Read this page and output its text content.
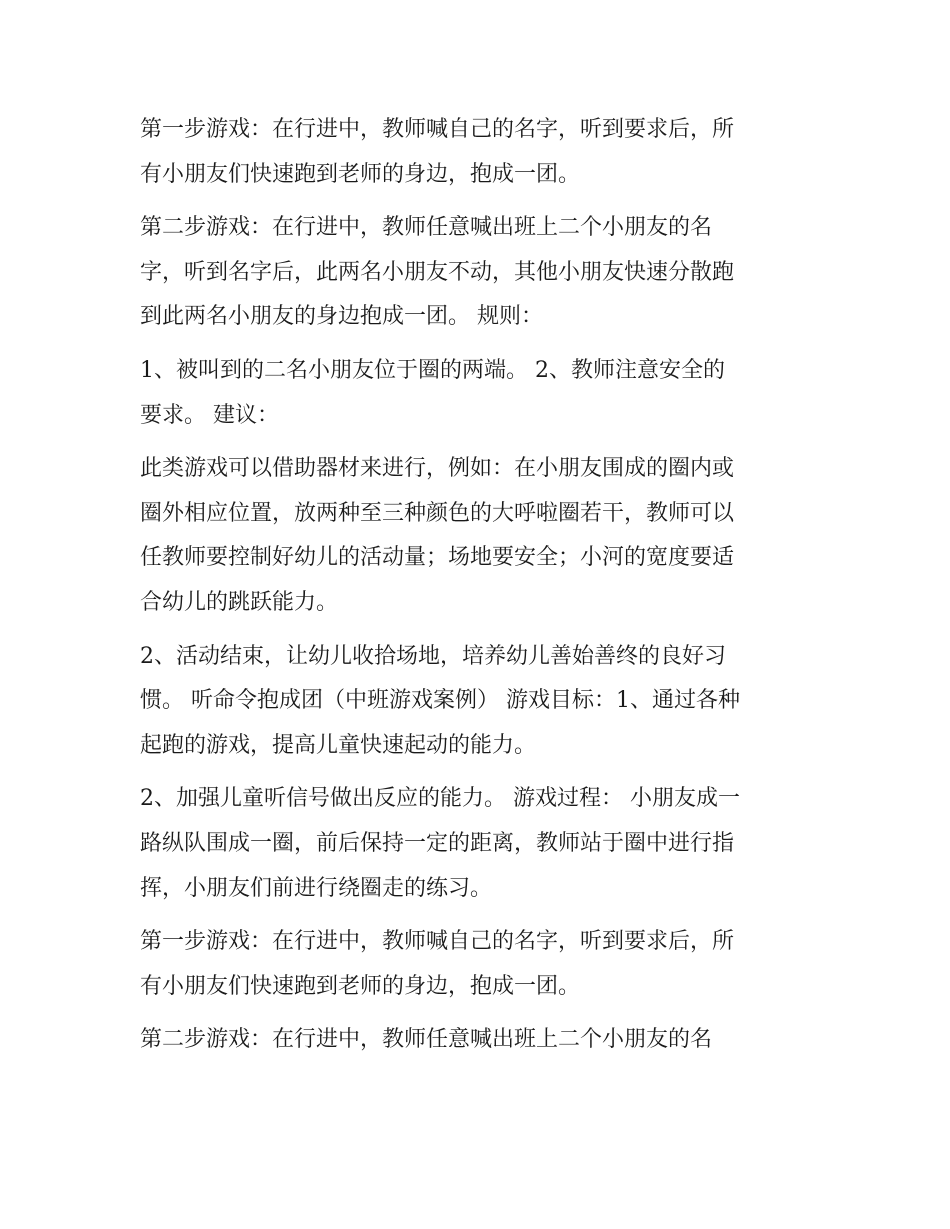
第一步游戏：在行进中，教师喊自己的名字，听到要求后，所
有小朋友们快速跑到老师的身边，抱成一团。
第二步游戏：在行进中，教师任意喊出班上二个小朋友的名
字，听到名字后，此两名小朋友不动，其他小朋友快速分散跑
到此两名小朋友的身边抱成一团。 规则：
1、被叫到的二名小朋友位于圈的两端。 2、教师注意安全的
要求。 建议：
此类游戏可以借助器材来进行，例如：在小朋友围成的圈内或
圈外相应位置，放两种至三种颜色的大呼啦圈若干，教师可以
任教师要控制好幼儿的活动量；场地要安全；小河的宽度要适
合幼儿的跳跃能力。
2、活动结束，让幼儿收拾场地，培养幼儿善始善终的良好习
惯。 听命令抱成团（中班游戏案例） 游戏目标：1、通过各种
起跑的游戏，提高儿童快速起动的能力。
2、加强儿童听信号做出反应的能力。 游戏过程： 小朋友成一
路纵队围成一圈，前后保持一定的距离，教师站于圈中进行指
挥，小朋友们前进行绕圈走的练习。
第一步游戏：在行进中，教师喊自己的名字，听到要求后，所
有小朋友们快速跑到老师的身边，抱成一团。
第二步游戏：在行进中，教师任意喊出班上二个小朋友的名
